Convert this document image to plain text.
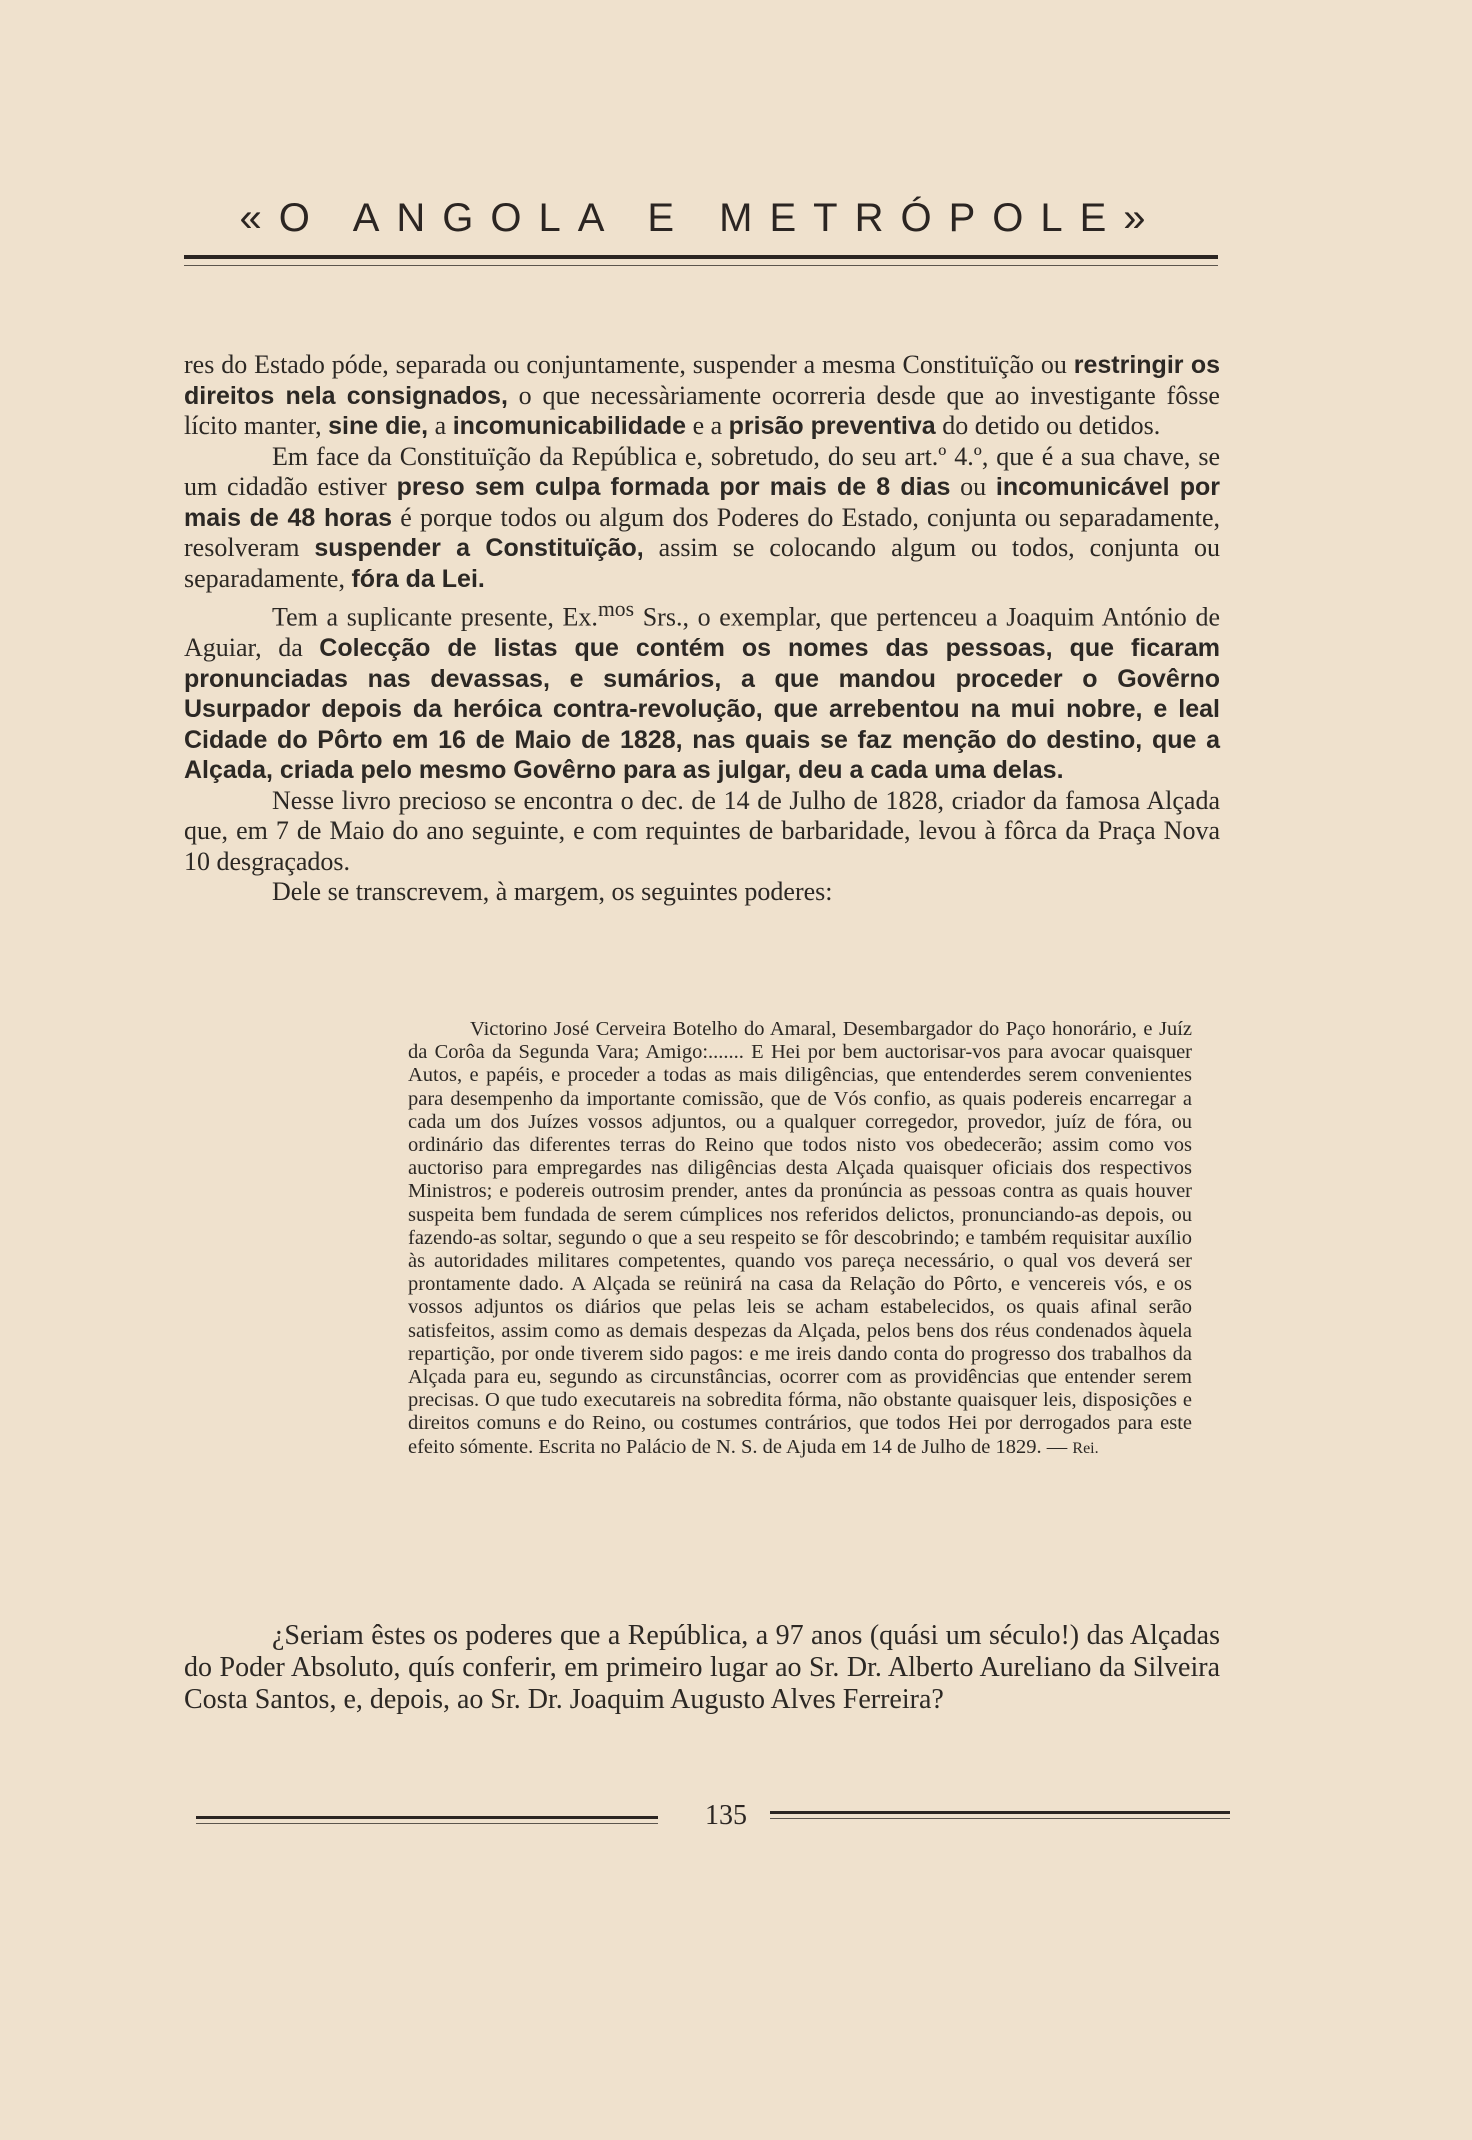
«O ANGOLA E METRÓPOLE»

res do Estado póde, separada ou conjuntamente, suspender a mesma Constituïção ou restringir os direitos nela consignados, o que necessàriamente ocorreria desde que ao investigante fôsse lícito manter, sine die, a incomunicabilidade e a prisão preventiva do detido ou detidos.

Em face da Constituïção da República e, sobretudo, do seu art.º 4.º, que é a sua chave, se um cidadão estiver preso sem culpa formada por mais de 8 dias ou incomunicável por mais de 48 horas é porque todos ou algum dos Poderes do Estado, conjunta ou separadamente, resolveram suspender a Constituïção, assim se colocando algum ou todos, conjunta ou separadamente, fóra da Lei.

Tem a suplicante presente, Ex.$^{mos}$ Srs., o exemplar, que pertenceu a Joaquim António de Aguiar, da Colecção de listas que contém os nomes das pessoas, que ficaram pronunciadas nas devassas, e sumários, a que mandou proceder o Govêrno Usurpador depois da heróica contra-revolução, que arrebentou na mui nobre, e leal Cidade do Pôrto em 16 de Maio de 1828, nas quais se faz menção do destino, que a Alçada, criada pelo mesmo Govêrno para as julgar, deu a cada uma delas.

Nesse livro precioso se encontra o dec. de 14 de Julho de 1828, criador da famosa Alçada que, em 7 de Maio do ano seguinte, e com requintes de barbaridade, levou à fôrca da Praça Nova 10 desgraçados.

Dele se transcrevem, à margem, os seguintes poderes:

Victorino José Cerveira Botelho do Amaral, Desembargador do Paço honorário, e Juíz da Corôa da Segunda Vara; Amigo:....... E Hei por bem auctorisar-vos para avocar quaisquer Autos, e papéis, e proceder a todas as mais diligências, que entenderdes serem convenientes para desempenho da importante comissão, que de Vós confio, as quais podereis encarregar a cada um dos Juízes vossos adjuntos, ou a qualquer corregedor, provedor, juíz de fóra, ou ordinário das diferentes terras do Reino que todos nisto vos obedecerão; assim como vos auctoriso para empregardes nas diligências desta Alçada quaisquer oficiais dos respectivos Ministros; e podereis outrosim prender, antes da pronúncia as pessoas contra as quais houver suspeita bem fundada de serem cúmplices nos referidos delictos, pronunciando-as depois, ou fazendo-as soltar, segundo o que a seu respeito se fôr descobrindo; e também requisitar auxílio às autoridades militares competentes, quando vos pareça necessário, o qual vos deverá ser prontamente dado. A Alçada se reünirá na casa da Relação do Pôrto, e vencereis vós, e os vossos adjuntos os diários que pelas leis se acham estabelecidos, os quais afinal serão satisfeitos, assim como as demais despezas da Alçada, pelos bens dos réus condenados àquela repartição, por onde tiverem sido pagos: e me ireis dando conta do progresso dos trabalhos da Alçada para eu, segundo as circunstâncias, ocorrer com as providências que entender serem precisas. O que tudo executareis na sobredita fórma, não obstante quaisquer leis, disposições e direitos comuns e do Reino, ou costumes contrários, que todos Hei por derrogados para este efeito sómente. Escrita no Palácio de N. S. de Ajuda em 14 de Julho de 1829. — Rei.

¿Seriam êstes os poderes que a República, a 97 anos (quási um século!) das Alçadas do Poder Absoluto, quís conferir, em primeiro lugar ao Sr. Dr. Alberto Aureliano da Silveira Costa Santos, e, depois, ao Sr. Dr. Joaquim Augusto Alves Ferreira?

135
